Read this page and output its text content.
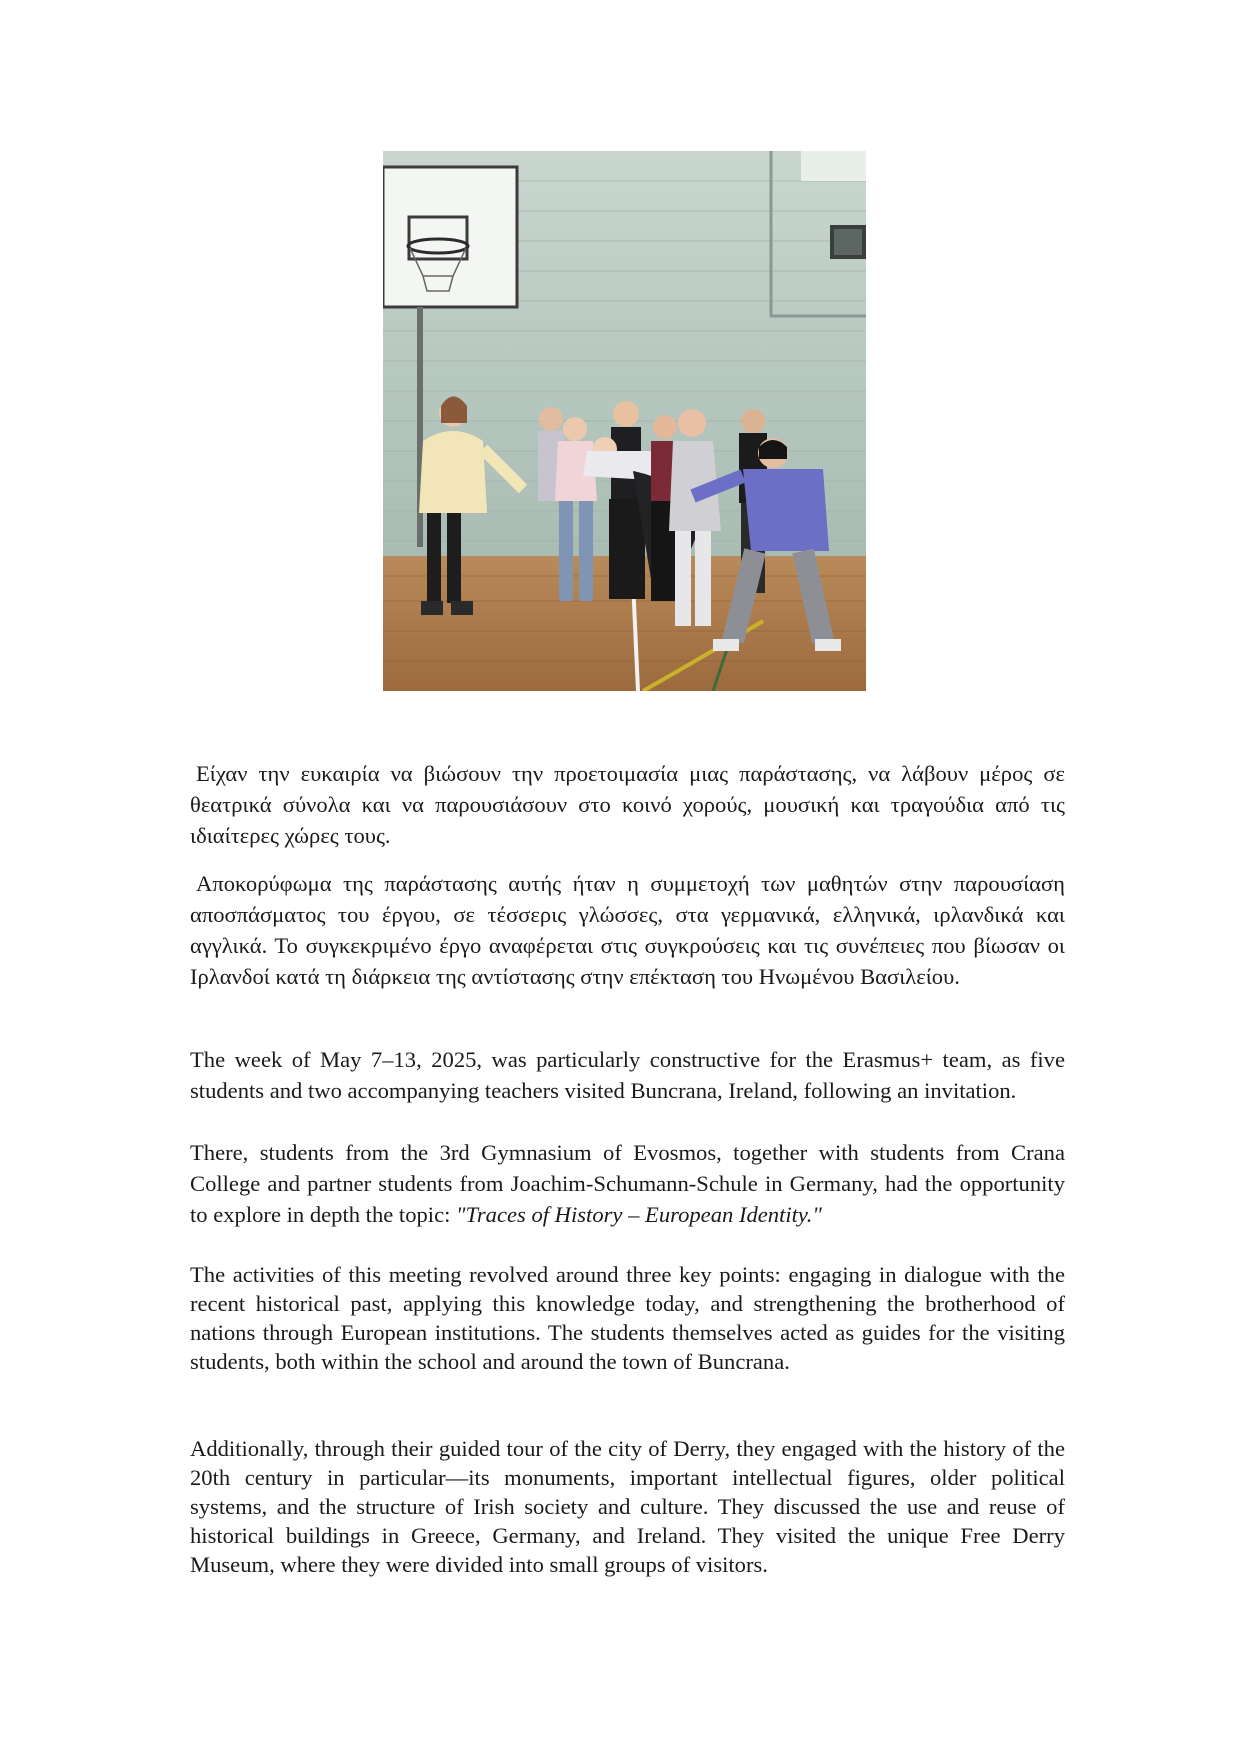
Είχαν την ευκαιρία να βιώσουν την προετοιμασία μιας παράστασης, να λάβουν μέρος σε θεατρικά σύνολα και να παρουσιάσουν στο κοινό χορούς, μουσική και τραγούδια από τις ιδιαίτερες χώρες τους.

Αποκορύφωμα της παράστασης αυτής ήταν η συμμετοχή των μαθητών στην παρουσίαση αποσπάσματος του έργου, σε τέσσερις γλώσσες, στα γερμανικά, ελληνικά, ιρλανδικά και αγγλικά. Το συγκεκριμένο έργο αναφέρεται στις συγκρούσεις και τις συνέπειες που βίωσαν οι Ιρλανδοί κατά τη διάρκεια της αντίστασης στην επέκταση του Ηνωμένου Βασιλείου.

The week of May 7–13, 2025, was particularly constructive for the Erasmus+ team, as five students and two accompanying teachers visited Buncrana, Ireland, following an invitation.

There, students from the 3rd Gymnasium of Evosmos, together with students from Crana College and partner students from Joachim-Schumann-Schule in Germany, had the opportunity to explore in depth the topic: "Traces of History – European Identity."

The activities of this meeting revolved around three key points: engaging in dialogue with the recent historical past, applying this knowledge today, and strengthening the brotherhood of nations through European institutions. The students themselves acted as guides for the visiting students, both within the school and around the town of Buncrana.

Additionally, through their guided tour of the city of Derry, they engaged with the history of the 20th century in particular—its monuments, important intellectual figures, older political systems, and the structure of Irish society and culture. They discussed the use and reuse of historical buildings in Greece, Germany, and Ireland. They visited the unique Free Derry Museum, where they were divided into small groups of visitors.
